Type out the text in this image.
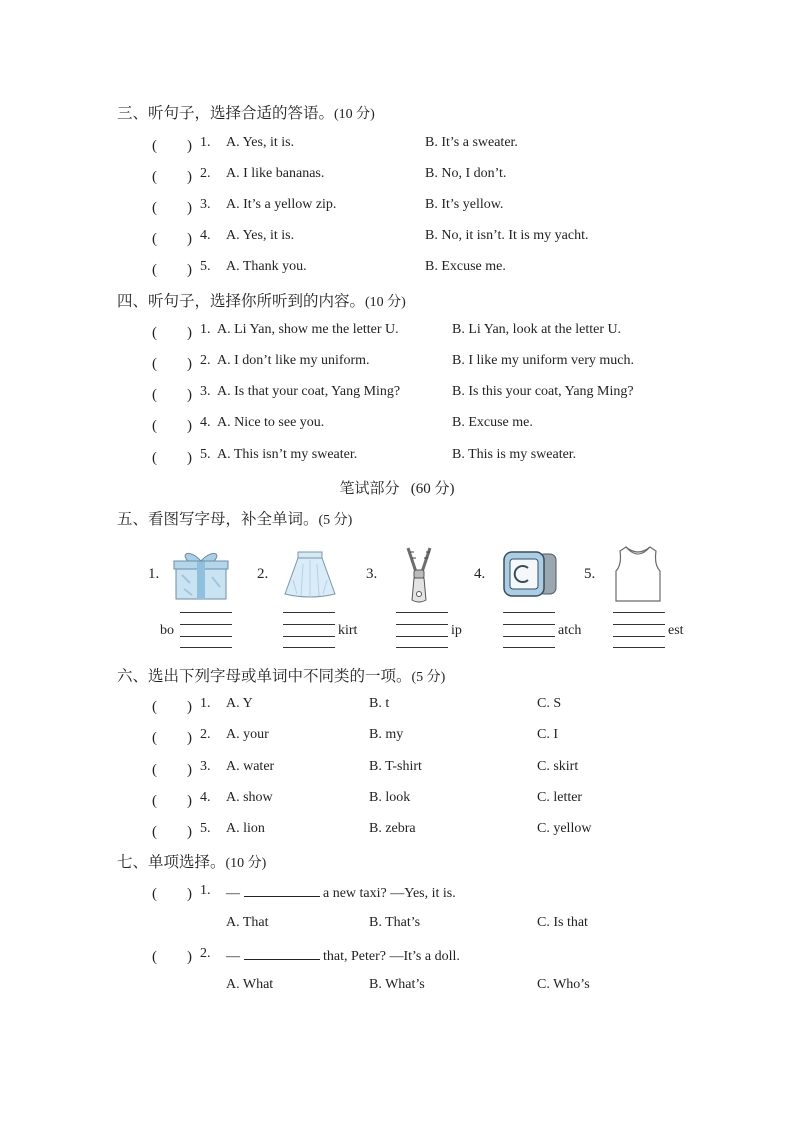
三、听句子，选择合适的答语。(10 分)
(　　) 1. A. Yes, it is.	B. It’s a sweater.
(　　) 2. A. I like bananas.	B. No, I don’t.
(　　) 3. A. It’s a yellow zip.	B. It’s yellow.
(　　) 4. A. Yes, it is.	B. No, it isn’t. It is my yacht.
(　　) 5. A. Thank you.	B. Excuse me.
四、听句子，选择你所听到的内容。(10 分)
(　　) 1. A. Li Yan, show me the letter U.	B. Li Yan, look at the letter U.
(　　) 2. A. I don’t like my uniform.	B. I like my uniform very much.
(　　) 3. A. Is that your coat, Yang Ming?	B. Is this your coat, Yang Ming?
(　　) 4. A. Nice to see you.	B. Excuse me.
(　　) 5. A. This isn’t my sweater.	B. This is my sweater.
笔试部分 (60 分)
五、看图写字母，补全单词。(5 分)
1.	2.	3.	4.	5.
bo	kirt	ip	atch	est
六、选出下列字母或单词中不同类的一项。(5 分)
(　　) 1. A. Y	B. t	C. S
(　　) 2. A. your	B. my	C. I
(　　) 3. A. water	B. T-shirt	C. skirt
(　　) 4. A. show	B. look	C. letter
(　　) 5. A. lion	B. zebra	C. yellow
七、单项选择。(10 分)
(　　) 1. —	a new taxi? —Yes, it is.
A. That	B. That’s	C. Is that
(　　) 2. —	that, Peter? —It’s a doll.
A. What	B. What’s	C. Who’s
